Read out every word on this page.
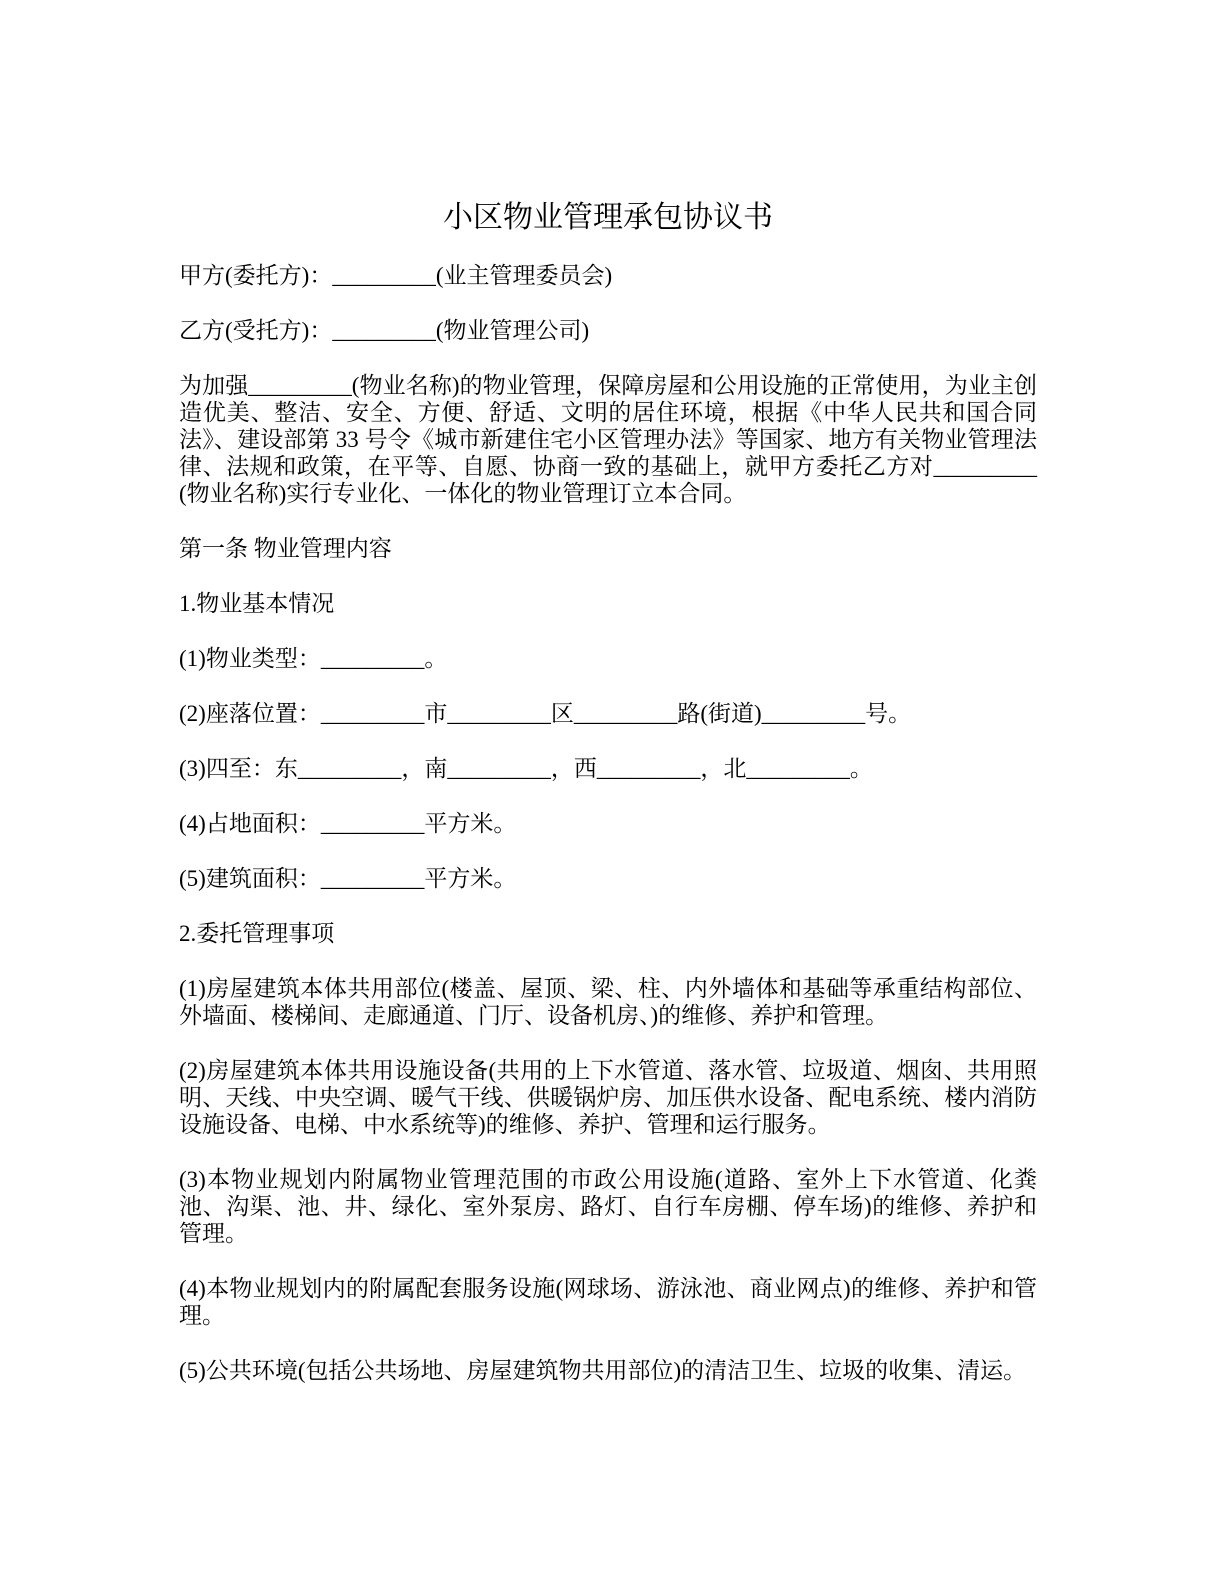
小区物业管理承包协议书

甲方(委托方)：_________(业主管理委员会)

乙方(受托方)：_________(物业管理公司)

为加强_________(物业名称)的物业管理，保障房屋和公用设施的正常使用，为业主创造优美、整洁、安全、方便、舒适、文明的居住环境，根据《中华人民共和国合同法》、建设部第 33 号令《城市新建住宅小区管理办法》等国家、地方有关物业管理法律、法规和政策，在平等、自愿、协商一致的基础上，就甲方委托乙方对_________(物业名称)实行专业化、一体化的物业管理订立本合同。

第一条 物业管理内容

1.物业基本情况

(1)物业类型：_________。

(2)座落位置：_________市_________区_________路(街道)_________号。

(3)四至：东_________，南_________，西_________，北_________。

(4)占地面积：_________平方米。

(5)建筑面积：_________平方米。

2.委托管理事项

(1)房屋建筑本体共用部位(楼盖、屋顶、梁、柱、内外墙体和基础等承重结构部位、外墙面、楼梯间、走廊通道、门厅、设备机房、)的维修、养护和管理。

(2)房屋建筑本体共用设施设备(共用的上下水管道、落水管、垃圾道、烟囱、共用照明、天线、中央空调、暖气干线、供暖锅炉房、加压供水设备、配电系统、楼内消防设施设备、电梯、中水系统等)的维修、养护、管理和运行服务。

(3)本物业规划内附属物业管理范围的市政公用设施(道路、室外上下水管道、化粪池、沟渠、池、井、绿化、室外泵房、路灯、自行车房棚、停车场)的维修、养护和管理。

(4)本物业规划内的附属配套服务设施(网球场、游泳池、商业网点)的维修、养护和管理。

(5)公共环境(包括公共场地、房屋建筑物共用部位)的清洁卫生、垃圾的收集、清运。
